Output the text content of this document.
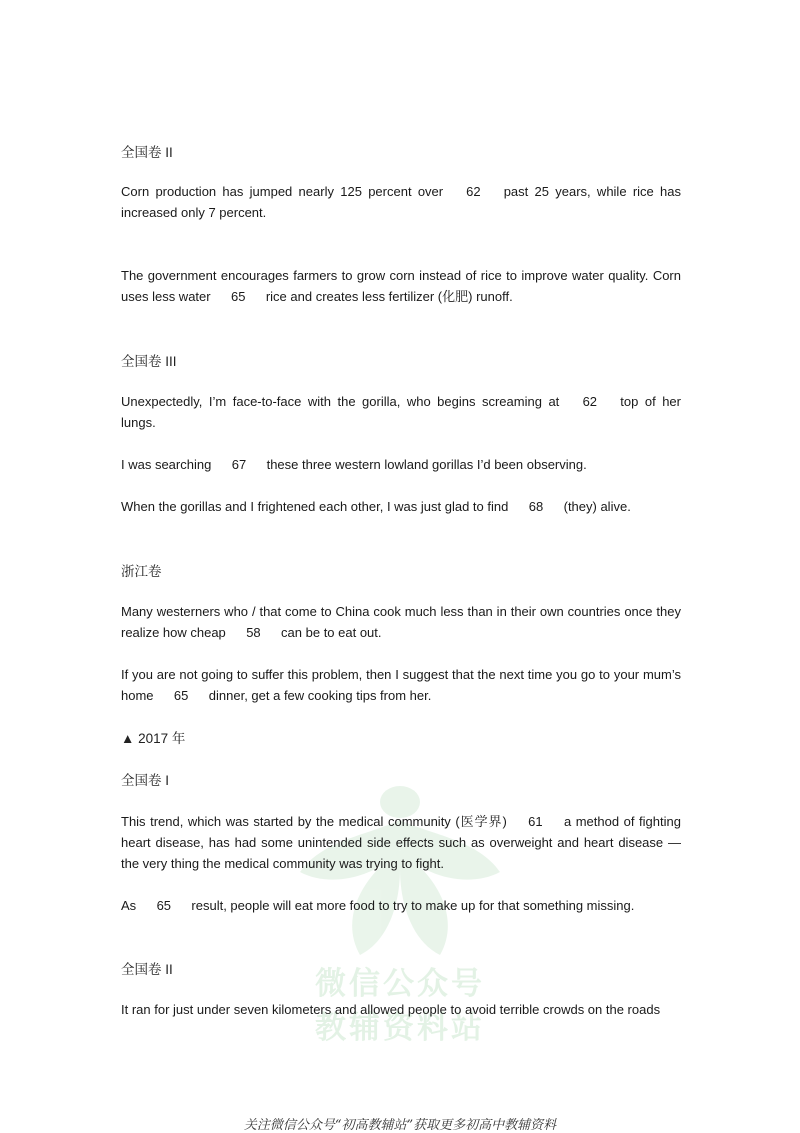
微信公众号
教辅资料站
全国卷 II
Corn production has jumped nearly 125 percent over 62 past 25 years, while rice has increased only 7 percent.
The government encourages farmers to grow corn instead of rice to improve water quality. Corn uses less water 65 rice and creates less fertilizer (化肥) runoff.
全国卷 III
Unexpectedly, I’m face-to-face with the gorilla, who begins screaming at 62 top of her lungs.
I was searching 67 these three western lowland gorillas I’d been observing.
When the gorillas and I frightened each other, I was just glad to find 68 (they) alive.
浙江卷
Many westerners who / that come to China cook much less than in their own countries once they realize how cheap 58 can be to eat out.
If you are not going to suffer this problem, then I suggest that the next time you go to your mum’s home 65 dinner, get a few cooking tips from her.
▲ 2017 年
全国卷 I
This trend, which was started by the medical community (医学界) 61 a method of fighting heart disease, has had some unintended side effects such as overweight and heart disease — the very thing the medical community was trying to fight.
As 65 result, people will eat more food to try to make up for that something missing.
全国卷 II
It ran for just under seven kilometers and allowed people to avoid terrible crowds on the roads
关注微信公众号“初高教辅站”获取更多初高中教辅资料
